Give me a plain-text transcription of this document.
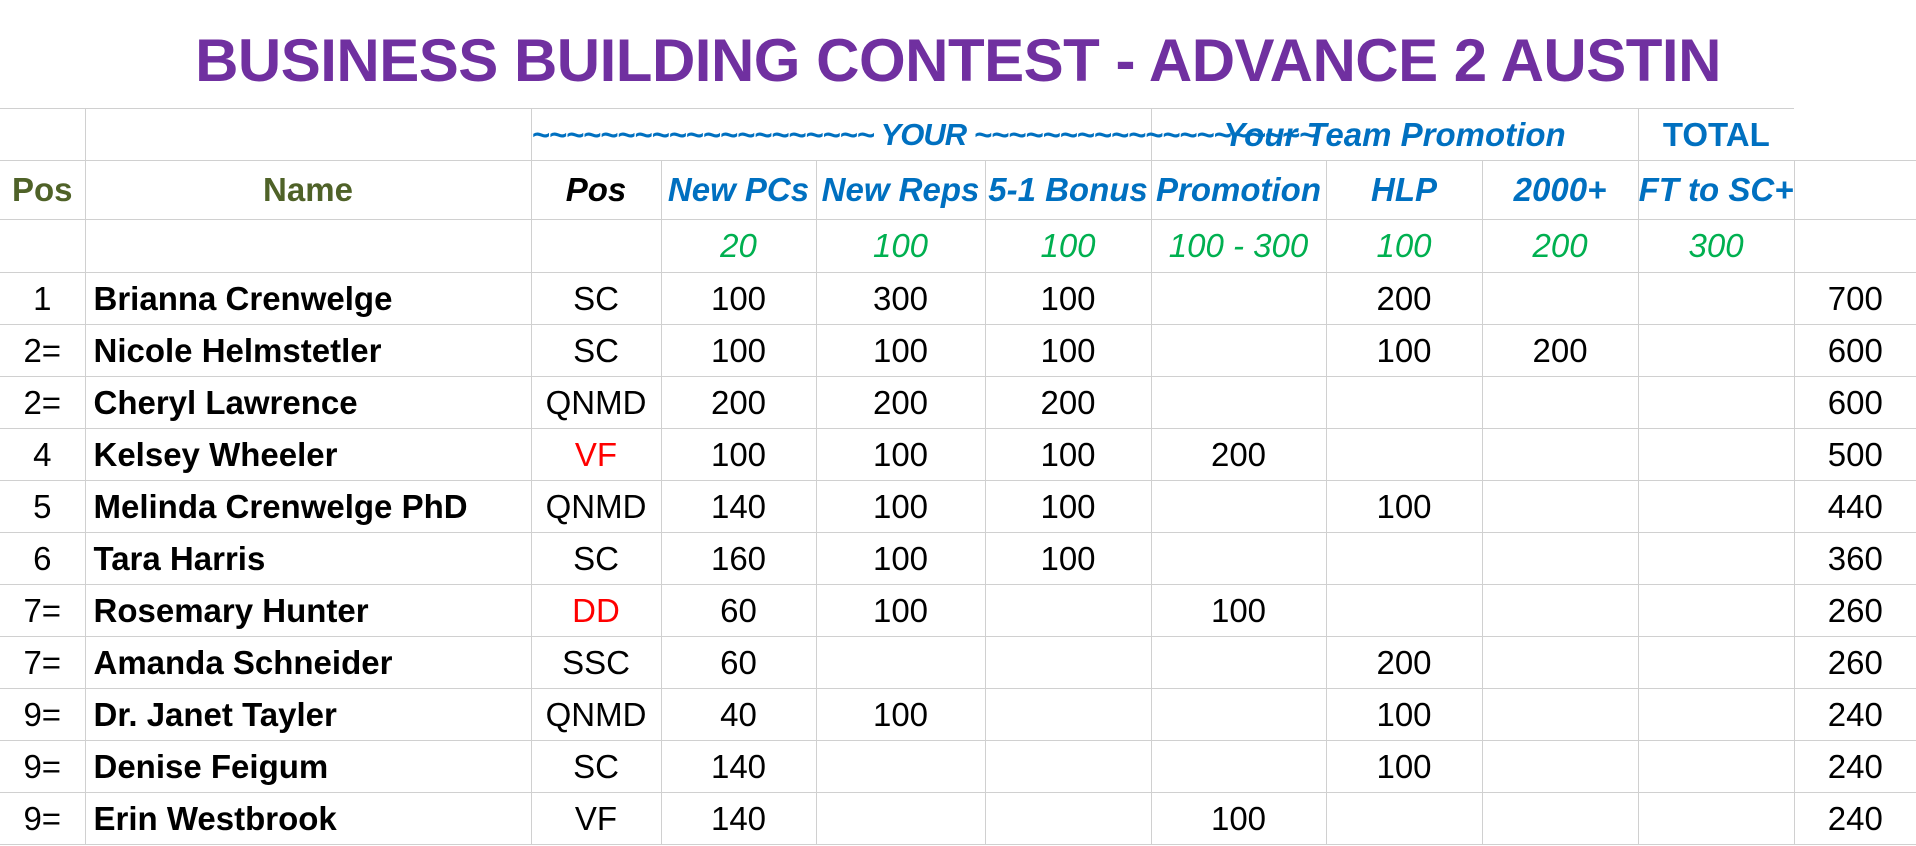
BUSINESS BUILDING CONTEST - ADVANCE 2 AUSTIN
		~~~~~~~~~~~~~~~~~~~~ YOUR ~~~~~~~~~~~~~~~~~~~~				Your Team Promotion			TOTAL	
Pos	Name	Pos	New PCs	New Reps	5-1 Bonus	Promotion	HLP	2000+	FT to SC+	
			20	100	100	100 - 300	100	200	300	
1	Brianna Crenwelge	SC	100	300	100		200			700
2=	Nicole Helmstetler	SC	100	100	100		100	200		600
2=	Cheryl Lawrence	QNMD	200	200	200					600
4	Kelsey Wheeler	VF	100	100	100	200				500
5	Melinda Crenwelge PhD	QNMD	140	100	100		100			440
6	Tara Harris	SC	160	100	100					360
7=	Rosemary Hunter	DD	60	100		100				260
7=	Amanda Schneider	SSC	60				200			260
9=	Dr. Janet Tayler	QNMD	40	100			100			240
9=	Denise Feigum	SC	140				100			240
9=	Erin Westbrook	VF	140			100				240
